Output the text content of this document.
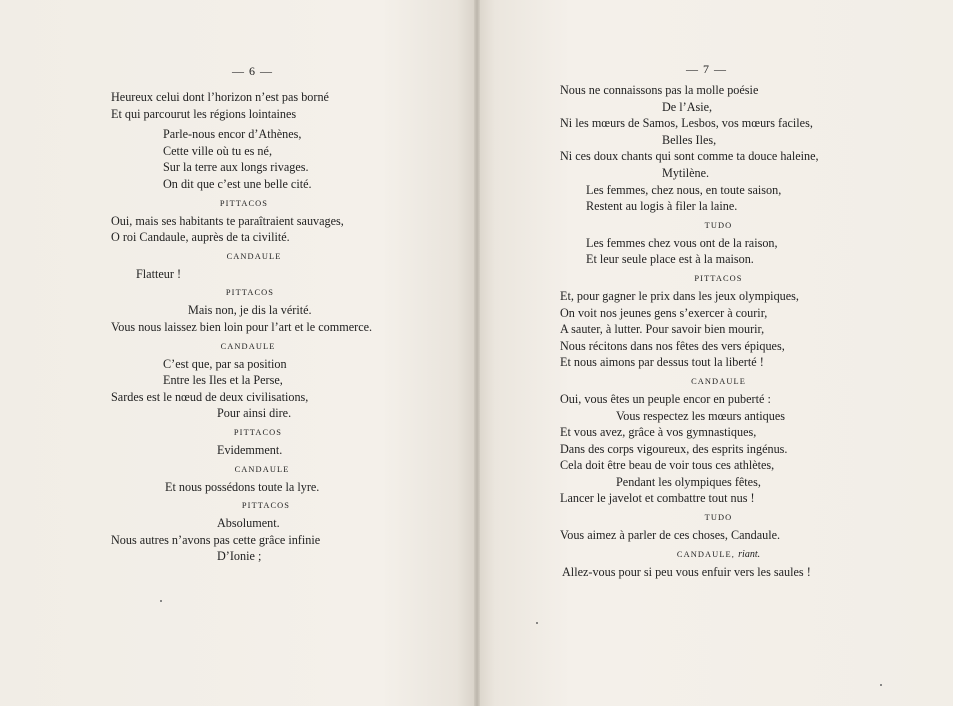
— 6 —
Heureux celui dont l’horizon n’est pas borné
Et qui parcourut les régions lointaines
Parle-nous encor d’Athènes,
Cette ville où tu es né,
Sur la terre aux longs rivages.
On dit que c’est une belle cité.
PITTACOS
Oui, mais ses habitants te paraîtraient sauvages,
O roi Candaule, auprès de ta civilité.
CANDAULE
Flatteur !
PITTACOS
Mais non, je dis la vérité.
Vous nous laissez bien loin pour l’art et le commerce.
CANDAULE
C’est que, par sa position
Entre les Iles et la Perse,
Sardes est le nœud de deux civilisations,
Pour ainsi dire.
PITTACOS
Evidemment.
CANDAULE
Et nous possédons toute la lyre.
PITTACOS
Absolument.
Nous autres n’avons pas cette grâce infinie
D’Ionie ;
— 7 —
Nous ne connaissons pas la molle poésie
De l’Asie,
Ni les mœurs de Samos, Lesbos, vos mœurs faciles,
Belles Iles,
Ni ces doux chants qui sont comme ta douce haleine,
Mytilène.
Les femmes, chez nous, en toute saison,
Restent au logis à filer la laine.
TUDO
Les femmes chez vous ont de la raison,
Et leur seule place est à la maison.
PITTACOS
Et, pour gagner le prix dans les jeux olympiques,
On voit nos jeunes gens s’exercer à courir,
A sauter, à lutter. Pour savoir bien mourir,
Nous récitons dans nos fêtes des vers épiques,
Et nous aimons par dessus tout la liberté !
CANDAULE
Oui, vous êtes un peuple encor en puberté :
Vous respectez les mœurs antiques
Et vous avez, grâce à vos gymnastiques,
Dans des corps vigoureux, des esprits ingénus.
Cela doit être beau de voir tous ces athlètes,
Pendant les olympiques fêtes,
Lancer le javelot et combattre tout nus !
TUDO
Vous aimez à parler de ces choses, Candaule.
CANDAULE, riant.
Allez-vous pour si peu vous enfuir vers les saules !
